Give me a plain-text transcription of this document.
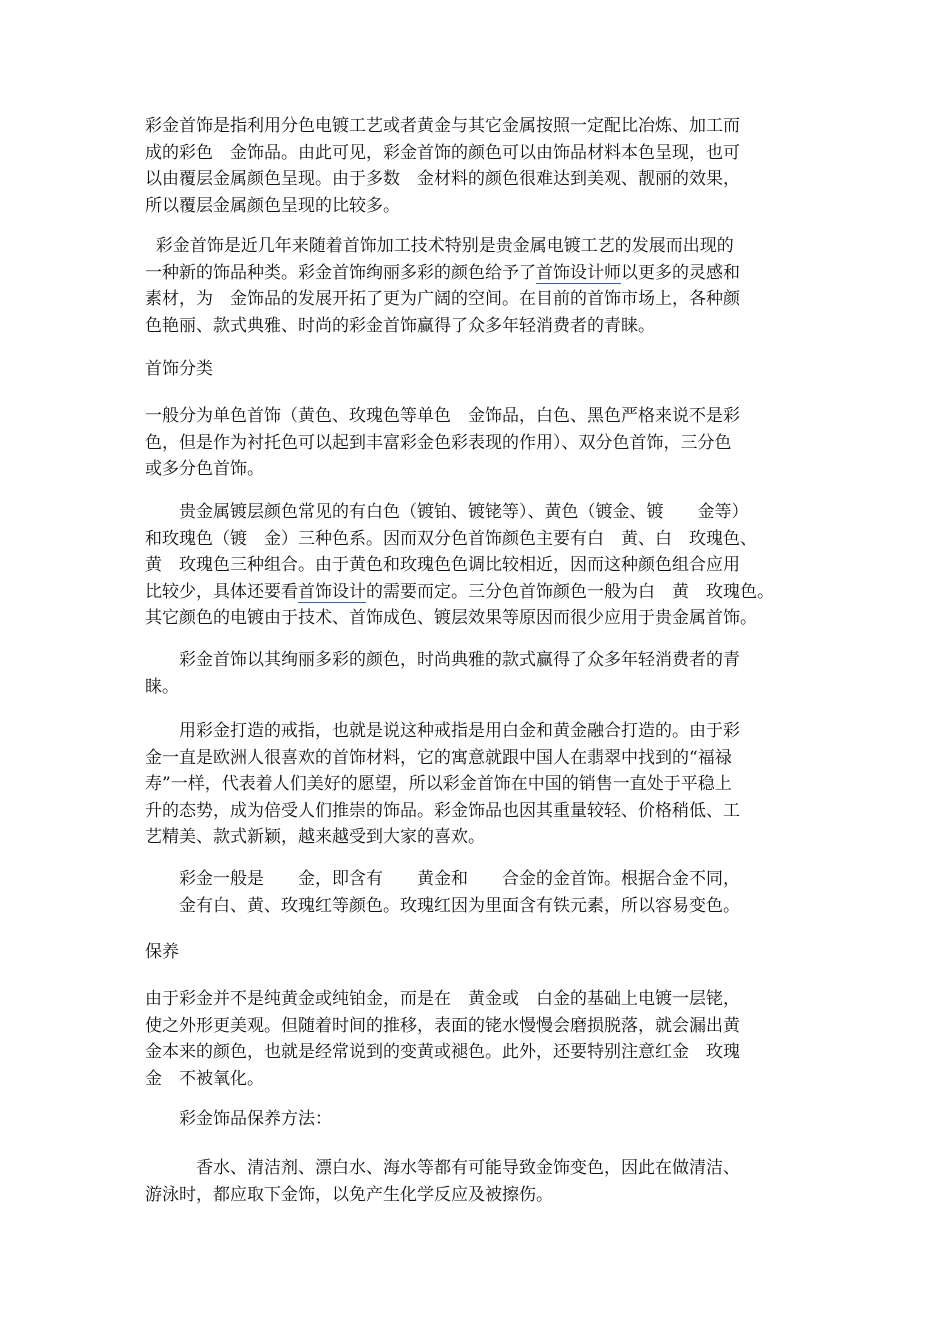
彩金首饰是指利用分色电镀工艺或者黄金与其它金属按照一定配比冶炼、加工而
成的彩色　金饰品。由此可见，彩金首饰的颜色可以由饰品材料本色呈现，也可
以由覆层金属颜色呈现。由于多数　金材料的颜色很难达到美观、靓丽的效果，
所以覆层金属颜色呈现的比较多。
彩金首饰是近几年来随着首饰加工技术特别是贵金属电镀工艺的发展而出现的
一种新的饰品种类。彩金首饰绚丽多彩的颜色给予了首饰设计师以更多的灵感和
素材，为　金饰品的发展开拓了更为广阔的空间。在目前的首饰市场上，各种颜
色艳丽、款式典雅、时尚的彩金首饰赢得了众多年轻消费者的青睐。
首饰分类
一般分为单色首饰（黄色、玫瑰色等单色　金饰品，白色、黑色严格来说不是彩
色，但是作为衬托色可以起到丰富彩金色彩表现的作用）、双分色首饰，三分色
或多分色首饰。
　　贵金属镀层颜色常见的有白色（镀铂、镀铑等）、黄色（镀金、镀　　金等）
和玫瑰色（镀　金）三种色系。因而双分色首饰颜色主要有白　黄、白　玫瑰色、
黄　玫瑰色三种组合。由于黄色和玫瑰色色调比较相近，因而这种颜色组合应用
比较少，具体还要看首饰设计的需要而定。三分色首饰颜色一般为白　黄　玫瑰色。
其它颜色的电镀由于技术、首饰成色、镀层效果等原因而很少应用于贵金属首饰。
　　彩金首饰以其绚丽多彩的颜色，时尚典雅的款式赢得了众多年轻消费者的青
睐。
　　用彩金打造的戒指，也就是说这种戒指是用白金和黄金融合打造的。由于彩
金一直是欧洲人很喜欢的首饰材料，它的寓意就跟中国人在翡翠中找到的“福禄
寿”一样，代表着人们美好的愿望，所以彩金首饰在中国的销售一直处于平稳上
升的态势，成为倍受人们推崇的饰品。彩金饰品也因其重量较轻、价格稍低、工
艺精美、款式新颖，越来越受到大家的喜欢。
　　彩金一般是　　金，即含有　　黄金和　　合金的金首饰。根据合金不同，
　　金有白、黄、玫瑰红等颜色。玫瑰红因为里面含有铁元素，所以容易变色。
保养
由于彩金并不是纯黄金或纯铂金，而是在　黄金或　白金的基础上电镀一层铑，
使之外形更美观。但随着时间的推移，表面的铑水慢慢会磨损脱落，就会漏出黄
金本来的颜色，也就是经常说到的变黄或褪色。此外，还要特别注意红金　玫瑰
金　不被氧化。
　　彩金饰品保养方法：
　　　香水、清洁剂、漂白水、海水等都有可能导致金饰变色，因此在做清洁、
游泳时，都应取下金饰，以免产生化学反应及被擦伤。
